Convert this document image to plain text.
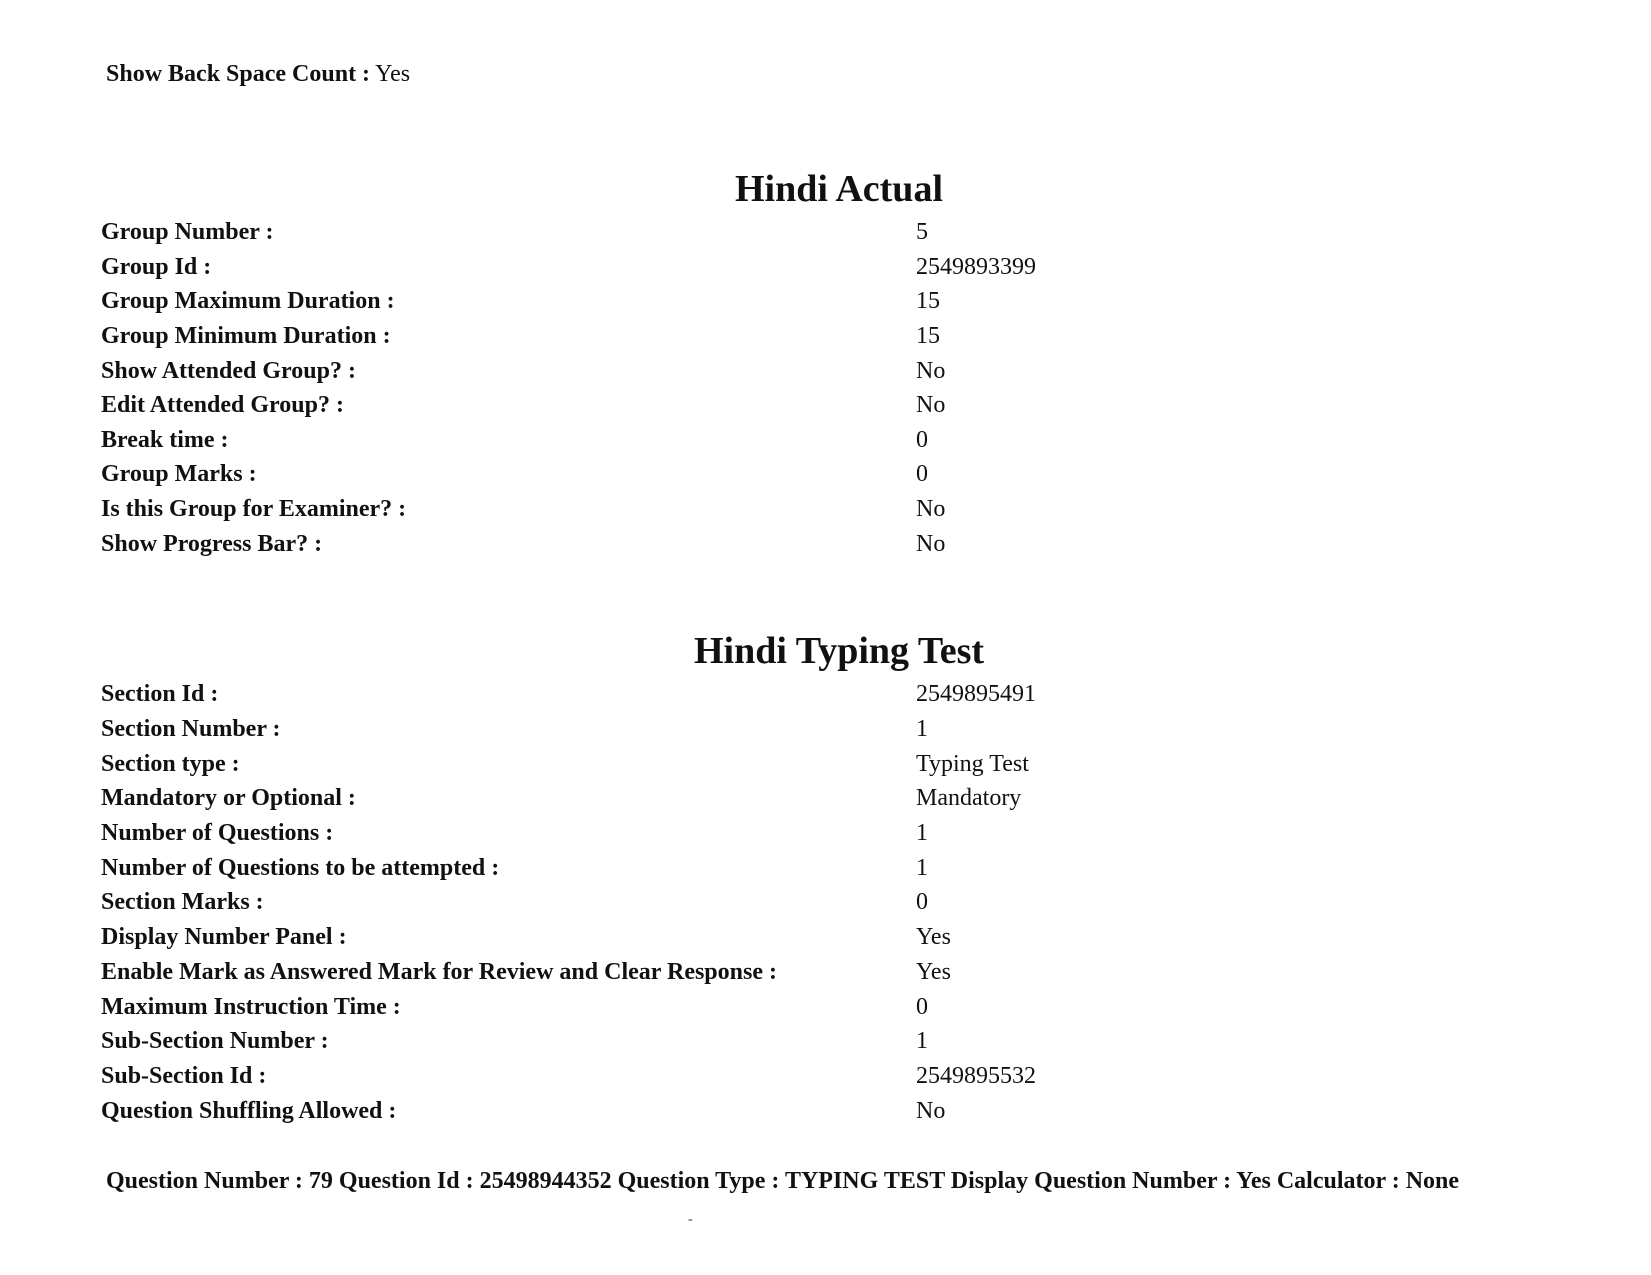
Show Back Space Count : Yes
Hindi Actual
Group Number :	5
Group Id :	2549893399
Group Maximum Duration :	15
Group Minimum Duration :	15
Show Attended Group? :	No
Edit Attended Group? :	No
Break time :	0
Group Marks :	0
Is this Group for Examiner? :	No
Show Progress Bar? :	No
Hindi Typing Test
Section Id :	2549895491
Section Number :	1
Section type :	Typing Test
Mandatory or Optional :	Mandatory
Number of Questions :	1
Number of Questions to be attempted :	1
Section Marks :	0
Display Number Panel :	Yes
Enable Mark as Answered Mark for Review and Clear Response :	Yes
Maximum Instruction Time :	0
Sub-Section Number :	1
Sub-Section Id :	2549895532
Question Shuffling Allowed :	No
Question Number : 79 Question Id : 25498944352 Question Type : TYPING TEST Display Question Number : Yes Calculator : None
-
